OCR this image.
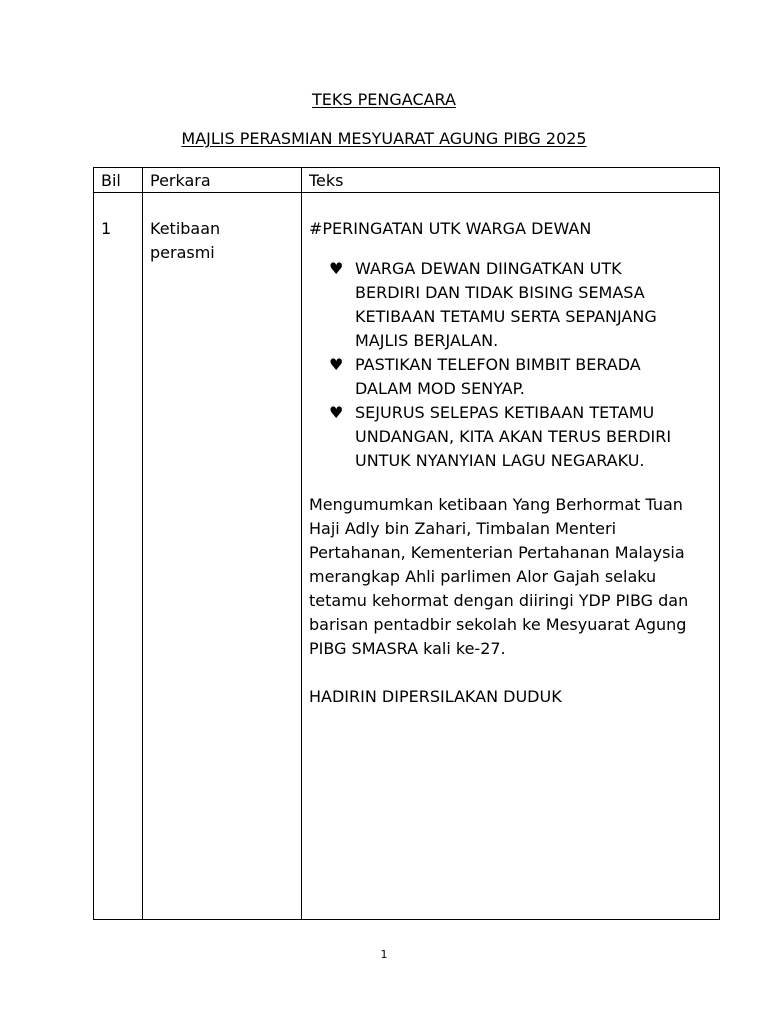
TEKS PENGACARA
MAJLIS PERASMIAN MESYUARAT AGUNG PIBG 2025
Bil Perkara	Teks
1 Ketibaan
perasmi
#PERINGATAN UTK WARGA DEWAN
♥ WARGA DEWAN DIINGATKAN UTK
BERDIRI DAN TIDAK BISING SEMASA
KETIBAAN TETAMU SERTA SEPANJANG
MAJLIS BERJALAN.
♥ PASTIKAN TELEFON BIMBIT BERADA
DALAM MOD SENYAP.
♥ SEJURUS SELEPAS KETIBAAN TETAMU
UNDANGAN, KITA AKAN TERUS BERDIRI
UNTUK NYANYIAN LAGU NEGARAKU.
Mengumumkan ketibaan Yang Berhormat Tuan
Haji Adly bin Zahari, Timbalan Menteri
Pertahanan, Kementerian Pertahanan Malaysia
merangkap Ahli parlimen Alor Gajah selaku
tetamu kehormat dengan diiringi YDP PIBG dan
barisan pentadbir sekolah ke Mesyuarat Agung
PIBG SMASRA kali ke-27.
HADIRIN DIPERSILAKAN DUDUK
1
